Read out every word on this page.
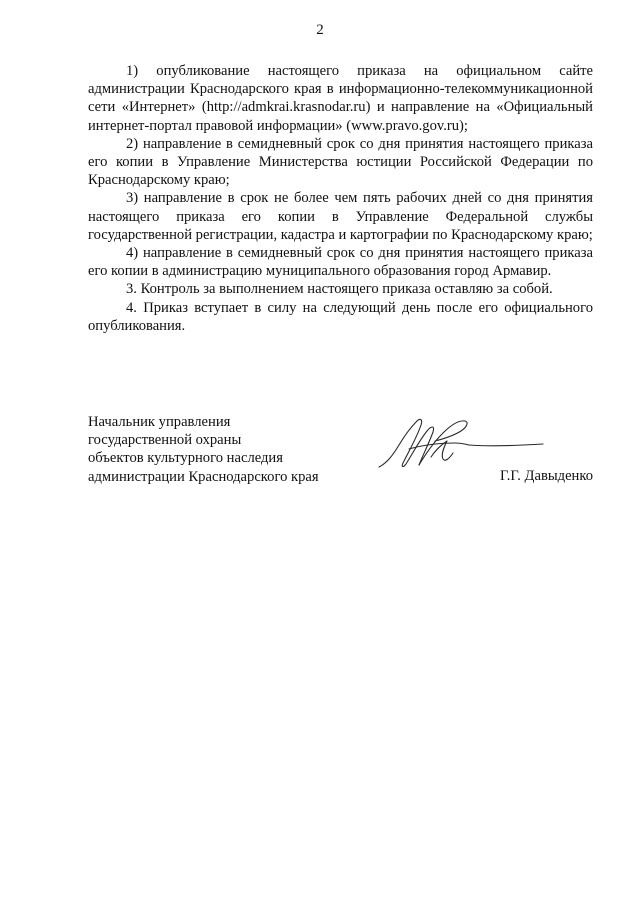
2

1) опубликование настоящего приказа на официальном сайте администрации Краснодарского края в информационно-телекоммуникационной сети «Интернет» (http://admkrai.krasnodar.ru) и направление на «Официальный интернет-портал правовой информации» (www.pravo.gov.ru);

2) направление в семидневный срок со дня принятия настоящего приказа его копии в Управление Министерства юстиции Российской Федерации по Краснодарскому краю;

3) направление в срок не более чем пять рабочих дней со дня принятия настоящего приказа его копии в Управление Федеральной службы государственной регистрации, кадастра и картографии по Краснодарскому краю;

4) направление в семидневный срок со дня принятия настоящего приказа его копии в администрацию муниципального образования город Армавир.

3. Контроль за выполнением настоящего приказа оставляю за собой.

4. Приказ вступает в силу на следующий день после его официального опубликования.

Начальник управления
государственной охраны
объектов культурного наследия
администрации Краснодарского края	Г.Г. Давыденко
